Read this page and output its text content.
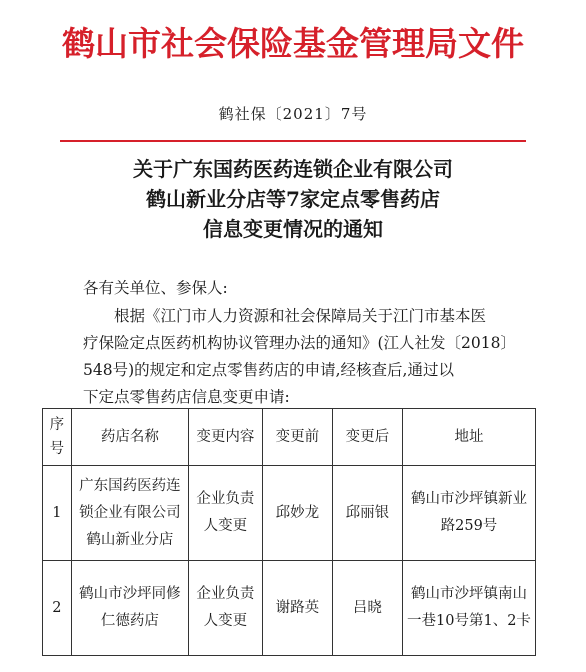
鹤山市社会保险基金管理局文件
鹤社保〔2021〕7号
关于广东国药医药连锁企业有限公司
鹤山新业分店等7家定点零售药店
信息变更情况的通知
各有关单位、参保人:
根据《江门市人力资源和社会保障局关于江门市基本医
疗保险定点医药机构协议管理办法的通知》(江人社发〔2018〕
548号)的规定和定点零售药店的申请,经核查后,通过以
下定点零售药店信息变更申请:
序号	药店名称	变更内容	变更前	变更后	地址
1	广东国药医药连锁企业有限公司鹤山新业分店	企业负责人变更	邱妙龙	邱丽银	鹤山市沙坪镇新业路259号
2	鹤山市沙坪同修仁德药店	企业负责人变更	谢路英	吕晓	鹤山市沙坪镇南山一巷10号第1、2卡
